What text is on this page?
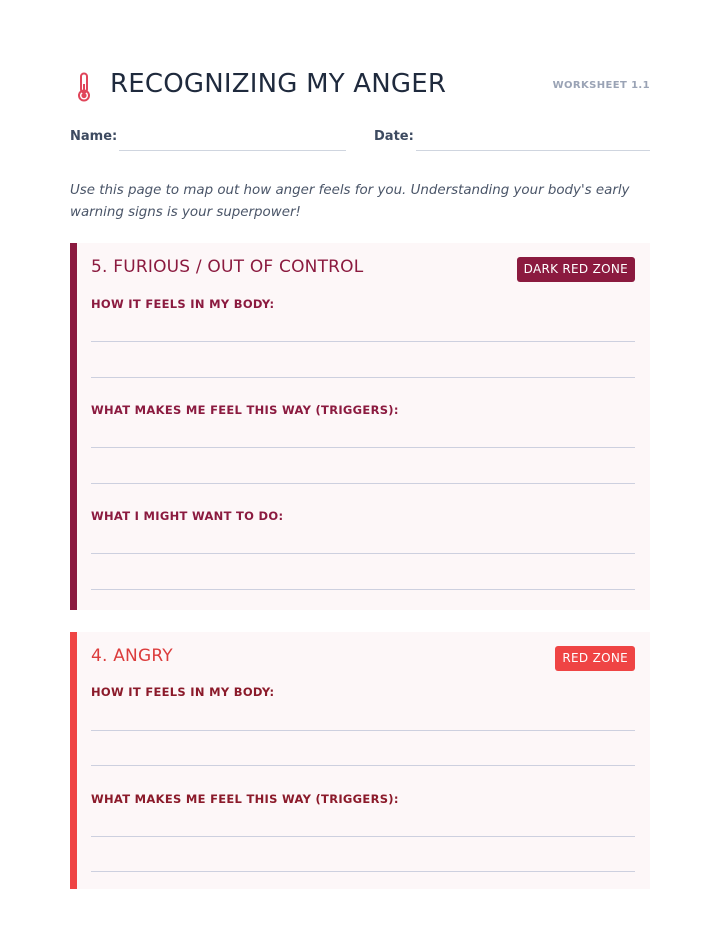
RECOGNIZING MY ANGER	WORKSHEET 1.1
Name:	Date:
Use this page to map out how anger feels for you. Understanding your body's early warning signs is your superpower!
5. FURIOUS / OUT OF CONTROL	DARK RED ZONE
HOW IT FEELS IN MY BODY:
WHAT MAKES ME FEEL THIS WAY (TRIGGERS):
WHAT I MIGHT WANT TO DO:
4. ANGRY	RED ZONE
HOW IT FEELS IN MY BODY:
WHAT MAKES ME FEEL THIS WAY (TRIGGERS):
